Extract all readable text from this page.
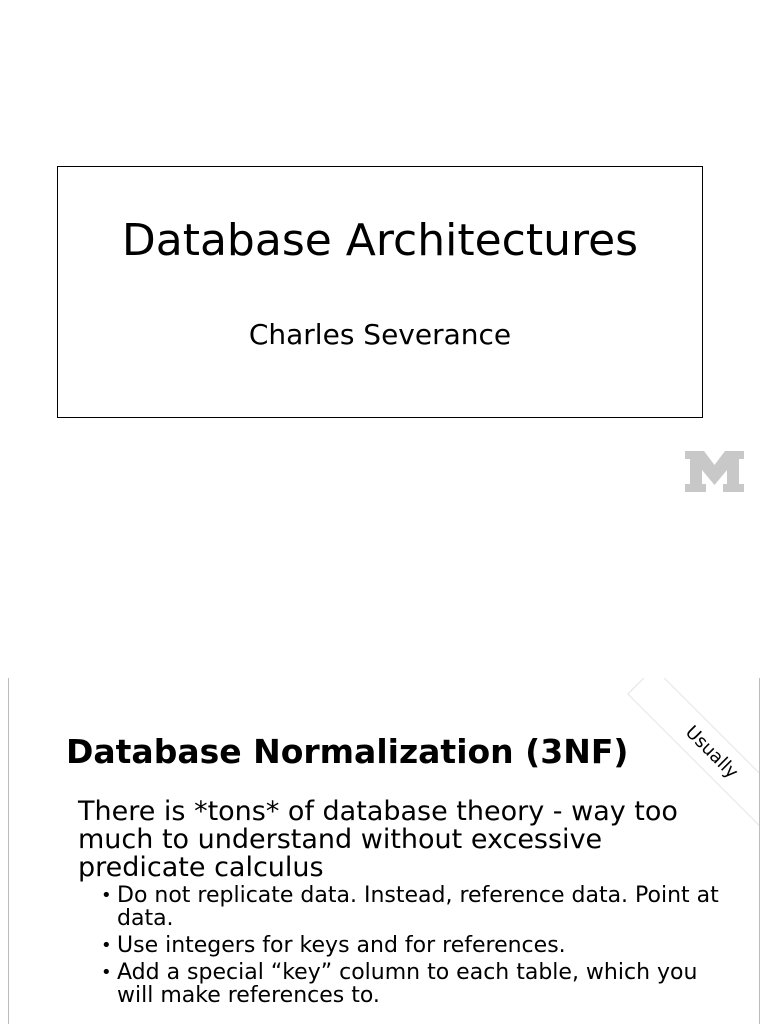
Database Architectures

Charles Severance

Usually
Database Normalization (3NF)

There is *tons* of database theory - way too much to understand without excessive predicate calculus

• Do not replicate data. Instead, reference data. Point at data.
• Use integers for keys and for references.
• Add a special “key” column to each table, which you will make references to.
